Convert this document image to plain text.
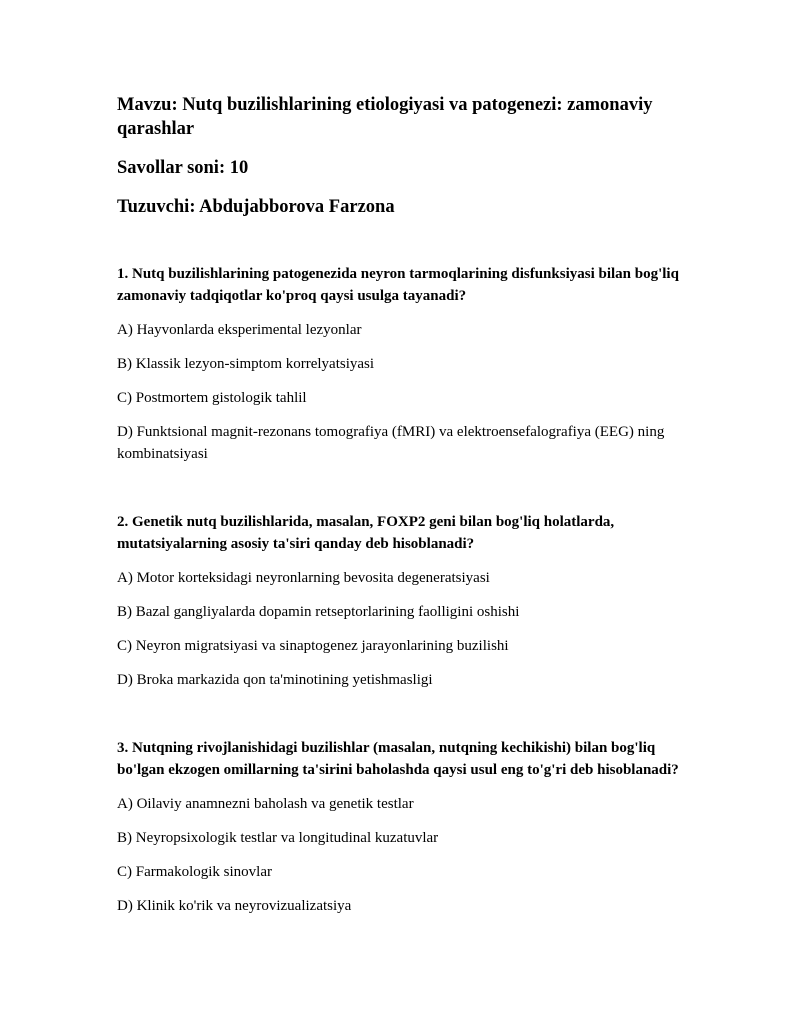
Mavzu: Nutq buzilishlarining etiologiyasi va patogenezi: zamonaviy qarashlar

Savollar soni: 10

Tuzuvchi: Abdujabborova Farzona

1. Nutq buzilishlarining patogenezida neyron tarmoqlarining disfunksiyasi bilan bog'liq zamonaviy tadqiqotlar ko'proq qaysi usulga tayanadi?

A) Hayvonlarda eksperimental lezyonlar

B) Klassik lezyon-simptom korrelyatsiyasi

C) Postmortem gistologik tahlil

D) Funktsional magnit-rezonans tomografiya (fMRI) va elektroensefalografiya (EEG) ning kombinatsiyasi

2. Genetik nutq buzilishlarida, masalan, FOXP2 geni bilan bog'liq holatlarda, mutatsiyalarning asosiy ta'siri qanday deb hisoblanadi?

A) Motor korteksidagi neyronlarning bevosita degeneratsiyasi

B) Bazal gangliyalarda dopamin retseptorlarining faolligini oshishi

C) Neyron migratsiyasi va sinaptogenez jarayonlarining buzilishi

D) Broka markazida qon ta'minotining yetishmasligi

3. Nutqning rivojlanishidagi buzilishlar (masalan, nutqning kechikishi) bilan bog'liq bo'lgan ekzogen omillarning ta'sirini baholashda qaysi usul eng to'g'ri deb hisoblanadi?

A) Oilaviy anamnezni baholash va genetik testlar

B) Neyropsixologik testlar va longitudinal kuzatuvlar

C) Farmakologik sinovlar

D) Klinik ko'rik va neyrovizualizatsiya
